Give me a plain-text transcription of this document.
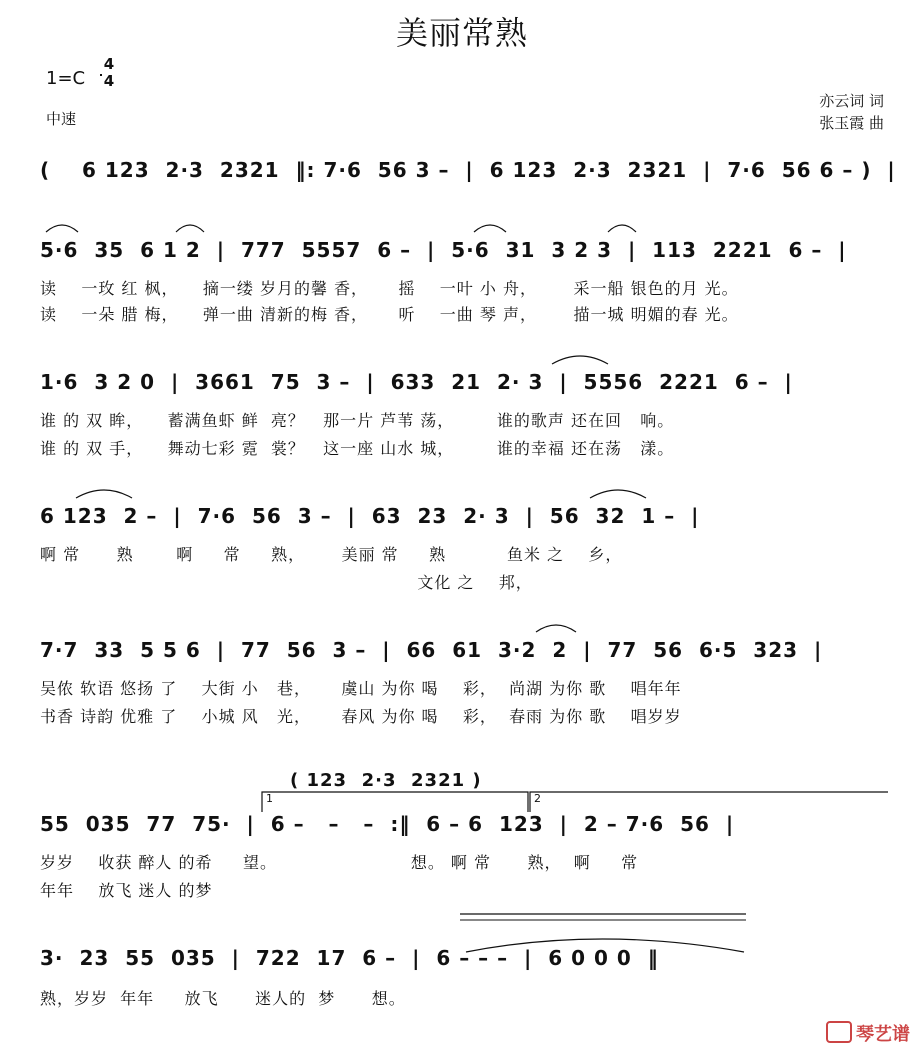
美丽常熟
1=C
4
4
中速
亦云词 词
张玉霞 曲
(    6 123  2·3  2321  ‖: 7·6  56 3 –  |  6 123  2·3  2321  |  7·6  56 6 – )  |
5·6  35  6 1 2  |  777  5557  6 –  |  5·6  31  3 2 3  |  113  2221  6 –  |
读    一玫 红 枫，    摘一缕 岁月的馨 香，     摇    一叶 小 舟，      采一船 银色的月 光。
读    一朵 腊 梅，    弹一曲 清新的梅 香，     听    一曲 琴 声，      描一城 明媚的春 光。
1·6  3 2 0  |  3661  75  3 –  |  633  21  2· 3  |  5556  2221  6 –  |
谁 的 双 眸，    蓄满鱼虾 鲜  亮？   那一片 芦苇 荡，       谁的歌声 还在回   响。
谁 的 双 手，    舞动七彩 霓  裳？   这一座 山水 城，       谁的幸福 还在荡   漾。
6 123  2 –  |  7·6  56  3 –  |  63  23  2· 3  |  56  32  1 –  |
啊 常      熟       啊     常     熟，      美丽 常     熟          鱼米 之    乡，
文化 之    邦，
7·7  33  5 5 6  |  77  56  3 –  |  66  61  3·2  2  |  77  56  6·5  323  |
吴侬 软语 悠扬 了    大街 小   巷，     虞山 为你 喝    彩，  尚湖 为你 歌    唱年年
书香 诗韵 优雅 了    小城 风   光，     春风 为你 喝    彩，  春雨 为你 歌    唱岁岁
( 123  2·3  2321 )
1	2
55  035  77  75·  |  6 –   –   –  :‖  6 – 6  123  |  2 – 7·6  56  |
岁岁    收获 醉人 的希     望。                      想。 啊 常      熟，  啊     常
年年    放飞 迷人 的梦
3·  23  55  035  |  722  17  6 –  |  6 – – –  |  6 0 0 0  ‖
熟，岁岁  年年     放飞      迷人的  梦      想。
琴艺谱
